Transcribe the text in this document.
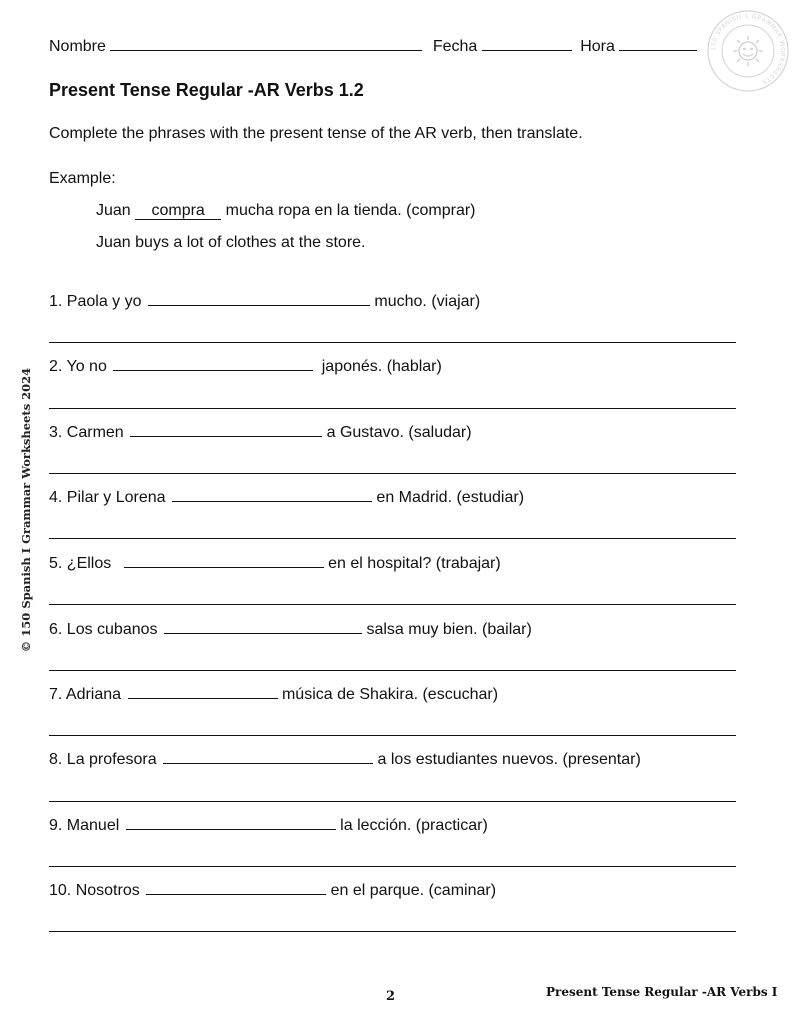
Nombre	Fecha	Hora	150 SPANISH 1 GRAMMAR WORKSHEETS
Present Tense Regular -AR Verbs 1.2
Complete the phrases with the present tense of the AR verb, then translate.
Example:
Juan compra mucha ropa en la tienda. (comprar)
Juan buys a lot of clothes at the store.
1. Paola y yo	mucho. (viajar)
2. Yo no	japonés. (hablar)
3. Carmen	a Gustavo. (saludar)
4. Pilar y Lorena	en Madrid. (estudiar)
5. ¿Ellos	en el hospital? (trabajar)
6. Los cubanos	salsa muy bien. (bailar)
7. Adriana	música de Shakira. (escuchar)
8. La profesora	a los estudiantes nuevos. (presentar)
9. Manuel	la lección. (practicar)
10. Nosotros	en el parque. (caminar)
© 150 Spanish I Grammar Worksheets 2024
2	Present Tense Regular -AR Verbs I
